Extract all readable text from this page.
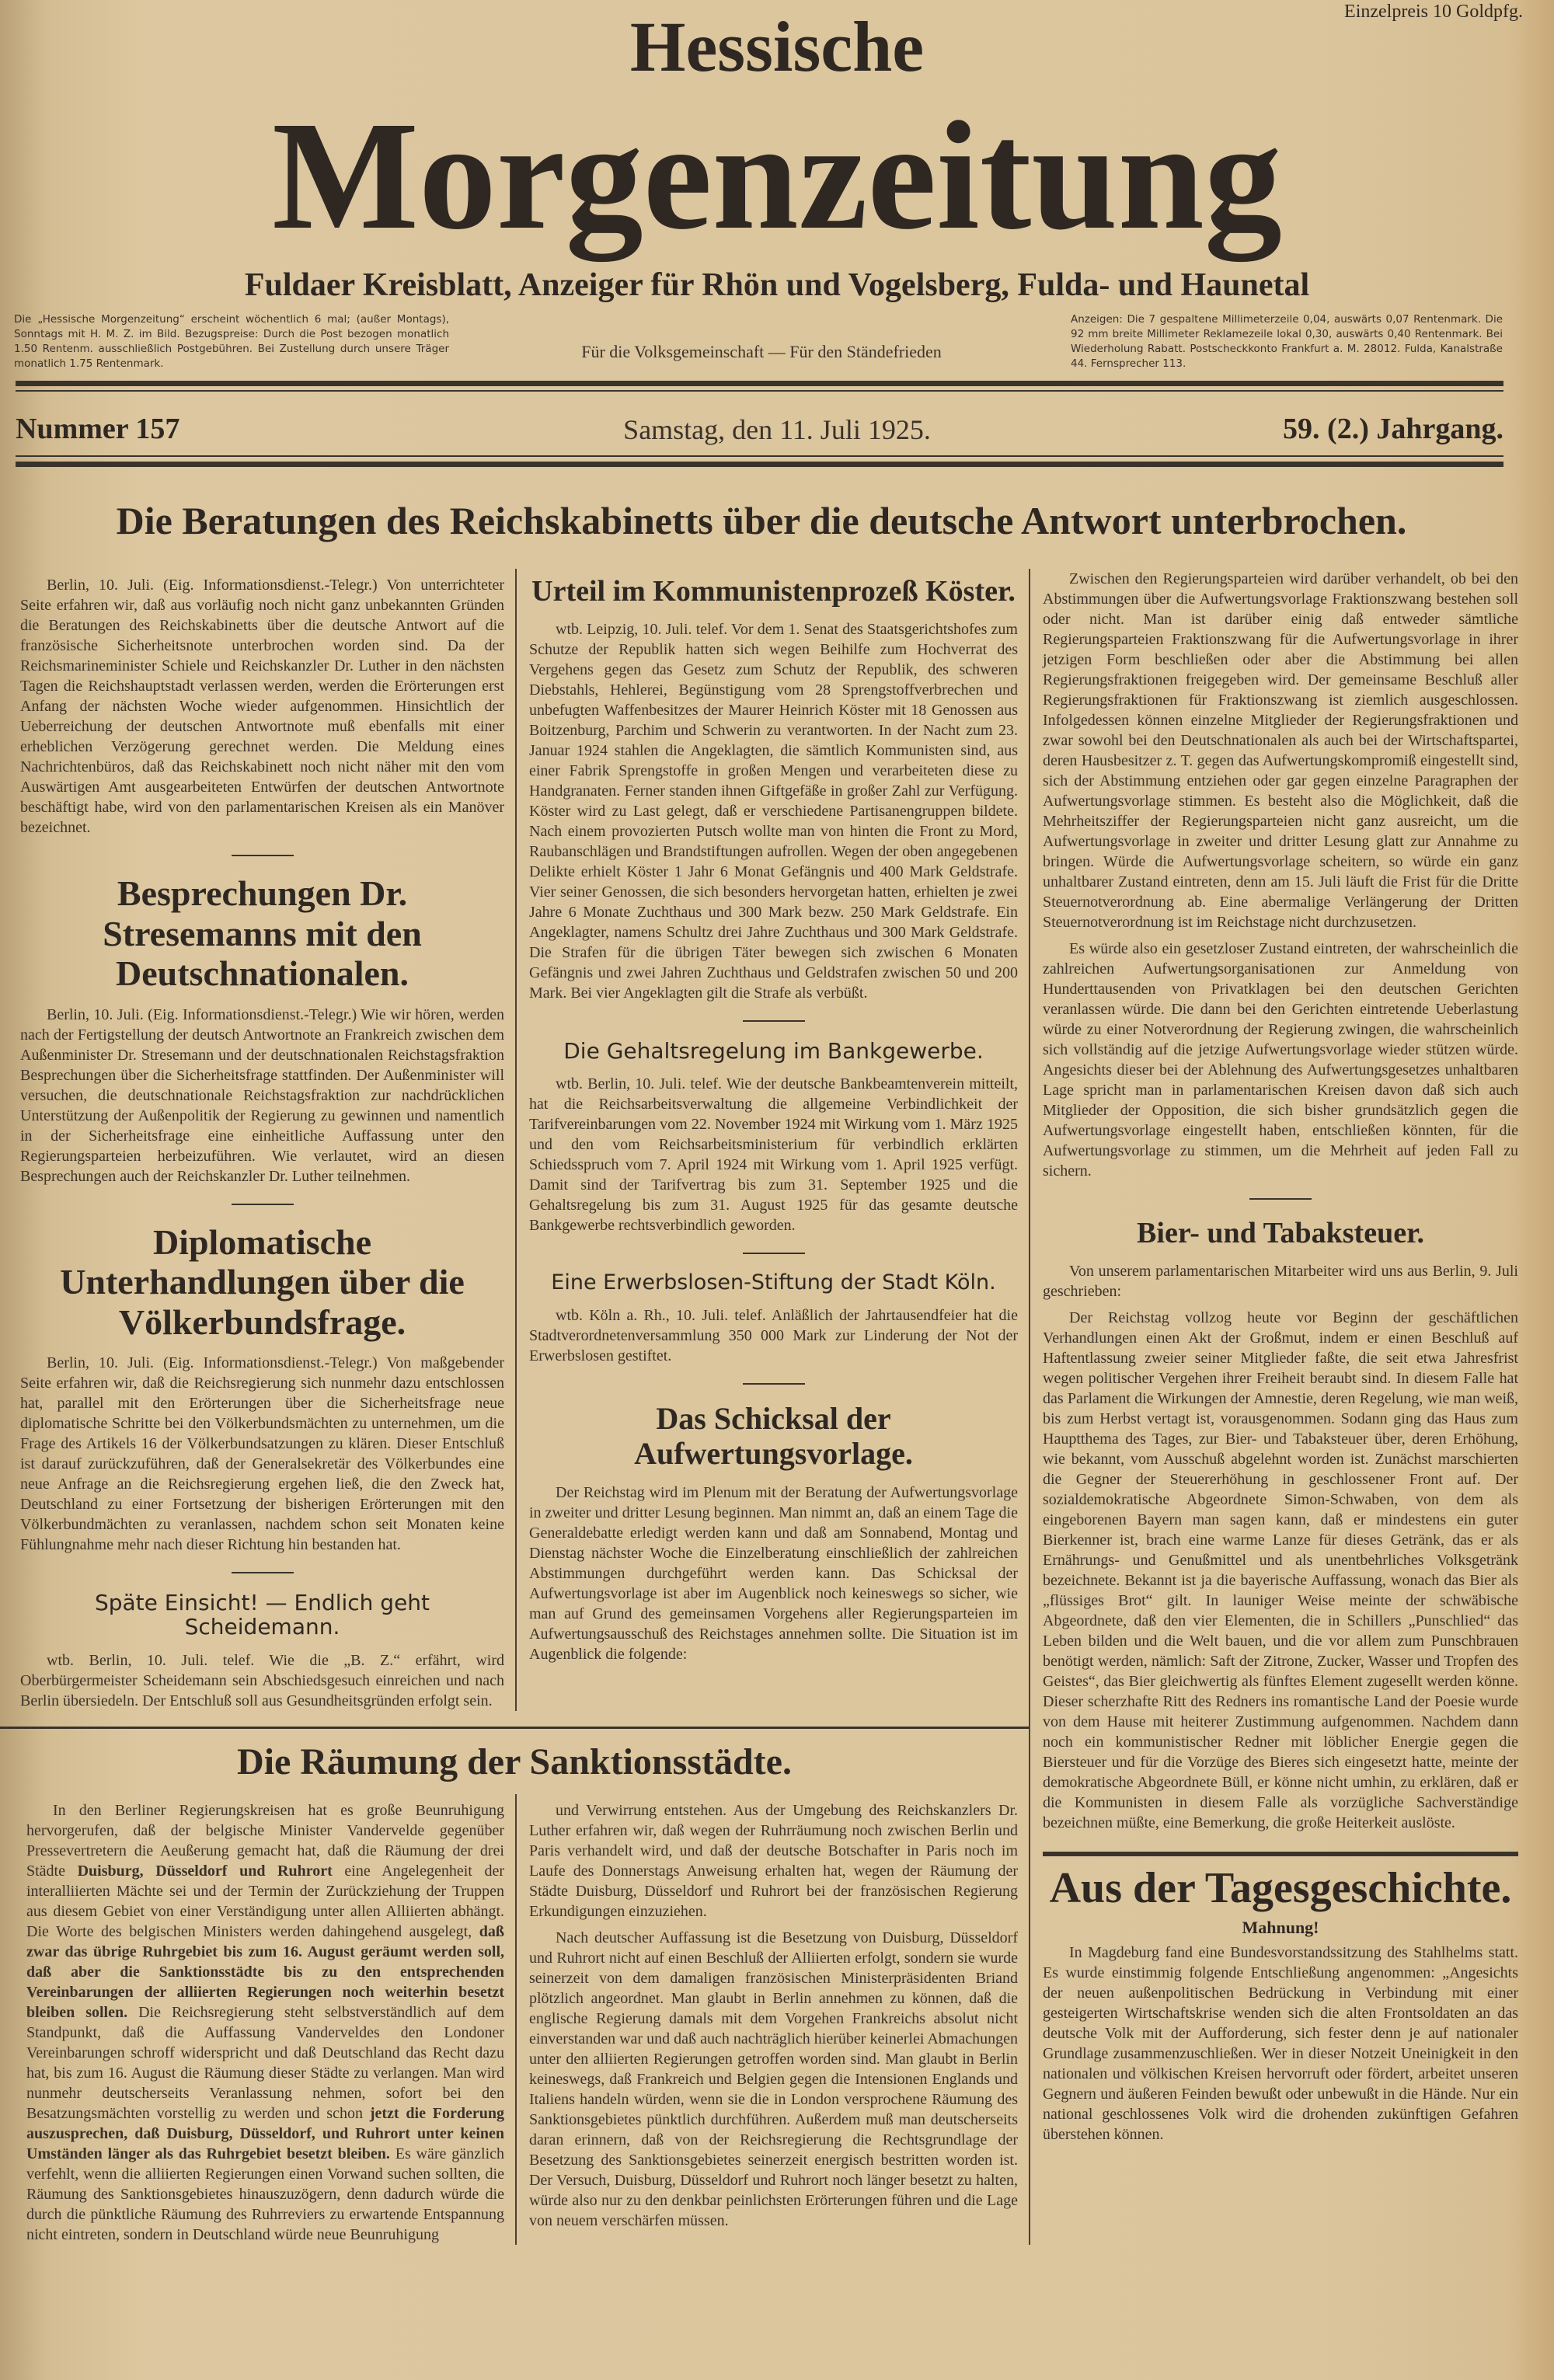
Einzelpreis 10 Goldpfg.
Hessische
Morgenzeitung
Fuldaer Kreisblatt, Anzeiger für Rhön und Vogelsberg, Fulda- und Haunetal
Die „Hessische Morgenzeitung“ erscheint wöchentlich 6 mal; (außer Montags), Sonntags mit H. M. Z. im Bild. Bezugspreise: Durch die Post bezogen monatlich 1.50 Rentenm. ausschließlich Postgebühren. Bei Zustellung durch unsere Träger monatlich 1.75 Rentenmark.
Für die Volksgemeinschaft — Für den Ständefrieden
Anzeigen: Die 7 gespaltene Millimeterzeile 0,04, auswärts 0,07 Rentenmark. Die 92 mm breite Millimeter Reklamezeile lokal 0,30, auswärts 0,40 Rentenmark. Bei Wiederholung Rabatt. Postscheckkonto Frankfurt a. M. 28012. Fulda, Kanalstraße 44. Fernsprecher 113.
Nummer 157	Samstag, den 11. Juli 1925.	59. (2.) Jahrgang.
Die Beratungen des Reichskabinetts über die deutsche Antwort unterbrochen.

Berlin, 10. Juli. (Eig. Informationsdienst.-Telegr.) Von unterrichteter Seite erfahren wir, daß aus vorläufig noch nicht ganz unbekannten Gründen die Beratungen des Reichskabinetts über die deutsche Antwort auf die französische Sicherheitsnote unterbrochen worden sind. Da der Reichsmarineminister Schiele und Reichskanzler Dr. Luther in den nächsten Tagen die Reichshauptstadt verlassen werden, werden die Erörterungen erst Anfang der nächsten Woche wieder aufgenommen. Hinsichtlich der Ueberreichung der deutschen Antwortnote muß ebenfalls mit einer erheblichen Verzögerung gerechnet werden. Die Meldung eines Nachrichtenbüros, daß das Reichskabinett noch nicht näher mit den vom Auswärtigen Amt ausgearbeiteten Entwürfen der deutschen Antwortnote beschäftigt habe, wird von den parlamentarischen Kreisen als ein Manöver bezeichnet.

Besprechungen Dr. Stresemanns mit den Deutschnationalen.

Berlin, 10. Juli. (Eig. Informationsdienst.-Telegr.) Wie wir hören, werden nach der Fertigstellung der deutsch Antwortnote an Frankreich zwischen dem Außenminister Dr. Stresemann und der deutschnationalen Reichstagsfraktion Besprechungen über die Sicherheitsfrage stattfinden. Der Außenminister will versuchen, die deutschnationale Reichstagsfraktion zur nachdrücklichen Unterstützung der Außenpolitik der Regierung zu gewinnen und namentlich in der Sicherheitsfrage eine einheitliche Auffassung unter den Regierungsparteien herbeizuführen. Wie verlautet, wird an diesen Besprechungen auch der Reichskanzler Dr. Luther teilnehmen.

Diplomatische Unterhandlungen über die Völkerbundsfrage.

Berlin, 10. Juli. (Eig. Informationsdienst.-Telegr.) Von maßgebender Seite erfahren wir, daß die Reichsregierung sich nunmehr dazu entschlossen hat, parallel mit den Erörterungen über die Sicherheitsfrage neue diplomatische Schritte bei den Völkerbundsmächten zu unternehmen, um die Frage des Artikels 16 der Völkerbundsatzungen zu klären. Dieser Entschluß ist darauf zurückzuführen, daß der Generalsekretär des Völkerbundes eine neue Anfrage an die Reichsregierung ergehen ließ, die den Zweck hat, Deutschland zu einer Fortsetzung der bisherigen Erörterungen mit den Völkerbundmächten zu veranlassen, nachdem schon seit Monaten keine Fühlungnahme mehr nach dieser Richtung hin bestanden hat.

Späte Einsicht! — Endlich geht Scheidemann.

wtb. Berlin, 10. Juli. telef. Wie die „B. Z.“ erfährt, wird Oberbürgermeister Scheidemann sein Abschiedsgesuch einreichen und nach Berlin übersiedeln. Der Entschluß soll aus Gesundheitsgründen erfolgt sein.

Urteil im Kommunistenprozeß Köster.

wtb. Leipzig, 10. Juli. telef. Vor dem 1. Senat des Staatsgerichtshofes zum Schutze der Republik hatten sich wegen Beihilfe zum Hochverrat des Vergehens gegen das Gesetz zum Schutz der Republik, des schweren Diebstahls, Hehlerei, Begünstigung vom 28 Sprengstoffverbrechen und unbefugten Waffenbesitzes der Maurer Heinrich Köster mit 18 Genossen aus Boitzenburg, Parchim und Schwerin zu verantworten. In der Nacht zum 23. Januar 1924 stahlen die Angeklagten, die sämtlich Kommunisten sind, aus einer Fabrik Sprengstoffe in großen Mengen und verarbeiteten diese zu Handgranaten. Ferner standen ihnen Giftgefäße in großer Zahl zur Verfügung. Köster wird zu Last gelegt, daß er verschiedene Partisanengruppen bildete. Nach einem provozierten Putsch wollte man von hinten die Front zu Mord, Raubanschlägen und Brandstiftungen aufrollen. Wegen der oben angegebenen Delikte erhielt Köster 1 Jahr 6 Monat Gefängnis und 400 Mark Geldstrafe. Vier seiner Genossen, die sich besonders hervorgetan hatten, erhielten je zwei Jahre 6 Monate Zuchthaus und 300 Mark bezw. 250 Mark Geldstrafe. Ein Angeklagter, namens Schultz drei Jahre Zuchthaus und 300 Mark Geldstrafe. Die Strafen für die übrigen Täter bewegen sich zwischen 6 Monaten Gefängnis und zwei Jahren Zuchthaus und Geldstrafen zwischen 50 und 200 Mark. Bei vier Angeklagten gilt die Strafe als verbüßt.

Die Gehaltsregelung im Bankgewerbe.

wtb. Berlin, 10. Juli. telef. Wie der deutsche Bankbeamtenverein mitteilt, hat die Reichsarbeitsverwaltung die allgemeine Verbindlichkeit der Tarifvereinbarungen vom 22. November 1924 mit Wirkung vom 1. März 1925 und den vom Reichsarbeitsministerium für verbindlich erklärten Schiedsspruch vom 7. April 1924 mit Wirkung vom 1. April 1925 verfügt. Damit sind der Tarifvertrag bis zum 31. September 1925 und die Gehaltsregelung bis zum 31. August 1925 für das gesamte deutsche Bankgewerbe rechtsverbindlich geworden.

Eine Erwerbslosen-Stiftung der Stadt Köln.

wtb. Köln a. Rh., 10. Juli. telef. Anläßlich der Jahrtausendfeier hat die Stadtverordnetenversammlung 350 000 Mark zur Linderung der Not der Erwerbslosen gestiftet.

Das Schicksal der Aufwertungsvorlage.

Der Reichstag wird im Plenum mit der Beratung der Aufwertungsvorlage in zweiter und dritter Lesung beginnen. Man nimmt an, daß an einem Tage die Generaldebatte erledigt werden kann und daß am Sonnabend, Montag und Dienstag nächster Woche die Einzelberatung einschließlich der zahlreichen Abstimmungen durchgeführt werden kann. Das Schicksal der Aufwertungsvorlage ist aber im Augenblick noch keineswegs so sicher, wie man auf Grund des gemeinsamen Vorgehens aller Regierungsparteien im Aufwertungsausschuß des Reichstages annehmen sollte. Die Situation ist im Augenblick die folgende:

Die Räumung der Sanktionsstädte.

In den Berliner Regierungskreisen hat es große Beunruhigung hervorgerufen, daß der belgische Minister Vandervelde gegenüber Pressevertretern die Aeußerung gemacht hat, daß die Räumung der drei Städte Duisburg, Düsseldorf und Ruhrort eine Angelegenheit der interalliierten Mächte sei und der Termin der Zurückziehung der Truppen aus diesem Gebiet von einer Verständigung unter allen Alliierten abhängt. Die Worte des belgischen Ministers werden dahingehend ausgelegt, daß zwar das übrige Ruhrgebiet bis zum 16. August geräumt werden soll, daß aber die Sanktionsstädte bis zu den entsprechenden Vereinbarungen der alliierten Regierungen noch weiterhin besetzt bleiben sollen. Die Reichsregierung steht selbstverständlich auf dem Standpunkt, daß die Auffassung Vanderveldes den Londoner Vereinbarungen schroff widerspricht und daß Deutschland das Recht dazu hat, bis zum 16. August die Räumung dieser Städte zu verlangen. Man wird nunmehr deutscherseits Veranlassung nehmen, sofort bei den Besatzungsmächten vorstellig zu werden und schon jetzt die Forderung auszusprechen, daß Duisburg, Düsseldorf, und Ruhrort unter keinen Umständen länger als das Ruhrgebiet besetzt bleiben. Es wäre gänzlich verfehlt, wenn die alliierten Regierungen einen Vorwand suchen sollten, die Räumung des Sanktionsgebietes hinauszuzögern, denn dadurch würde die durch die pünktliche Räumung des Ruhrreviers zu erwartende Entspannung nicht eintreten, sondern in Deutschland würde neue Beunruhigung

und Verwirrung entstehen. Aus der Umgebung des Reichskanzlers Dr. Luther erfahren wir, daß wegen der Ruhrräumung noch zwischen Berlin und Paris verhandelt wird, und daß der deutsche Botschafter in Paris noch im Laufe des Donnerstags Anweisung erhalten hat, wegen der Räumung der Städte Duisburg, Düsseldorf und Ruhrort bei der französischen Regierung Erkundigungen einzuziehen.

Nach deutscher Auffassung ist die Besetzung von Duisburg, Düsseldorf und Ruhrort nicht auf einen Beschluß der Alliierten erfolgt, sondern sie wurde seinerzeit von dem damaligen französischen Ministerpräsidenten Briand plötzlich angeordnet. Man glaubt in Berlin annehmen zu können, daß die englische Regierung damals mit dem Vorgehen Frankreichs absolut nicht einverstanden war und daß auch nachträglich hierüber keinerlei Abmachungen unter den alliierten Regierungen getroffen worden sind. Man glaubt in Berlin keineswegs, daß Frankreich und Belgien gegen die Intensionen Englands und Italiens handeln würden, wenn sie die in London versprochene Räumung des Sanktionsgebietes pünktlich durchführen. Außerdem muß man deutscherseits daran erinnern, daß von der Reichsregierung die Rechtsgrundlage der Besetzung des Sanktionsgebietes seinerzeit energisch bestritten worden ist. Der Versuch, Duisburg, Düsseldorf und Ruhrort noch länger besetzt zu halten, würde also nur zu den denkbar peinlichsten Erörterungen führen und die Lage von neuem verschärfen müssen.

Zwischen den Regierungsparteien wird darüber verhandelt, ob bei den Abstimmungen über die Aufwertungsvorlage Fraktionszwang bestehen soll oder nicht. Man ist darüber einig daß entweder sämtliche Regierungsparteien Fraktionszwang für die Aufwertungsvorlage in ihrer jetzigen Form beschließen oder aber die Abstimmung bei allen Regierungsfraktionen freigegeben wird. Der gemeinsame Beschluß aller Regierungsfraktionen für Fraktionszwang ist ziemlich ausgeschlossen. Infolgedessen können einzelne Mitglieder der Regierungsfraktionen und zwar sowohl bei den Deutschnationalen als auch bei der Wirtschaftspartei, deren Hausbesitzer z. T. gegen das Aufwertungskompromiß eingestellt sind, sich der Abstimmung entziehen oder gar gegen einzelne Paragraphen der Aufwertungsvorlage stimmen. Es besteht also die Möglichkeit, daß die Mehrheitsziffer der Regierungsparteien nicht ganz ausreicht, um die Aufwertungsvorlage in zweiter und dritter Lesung glatt zur Annahme zu bringen. Würde die Aufwertungsvorlage scheitern, so würde ein ganz unhaltbarer Zustand eintreten, denn am 15. Juli läuft die Frist für die Dritte Steuernotverordnung ab. Eine abermalige Verlängerung der Dritten Steuernotverordnung ist im Reichstage nicht durchzusetzen.

Es würde also ein gesetzloser Zustand eintreten, der wahrscheinlich die zahlreichen Aufwertungsorganisationen zur Anmeldung von Hunderttausenden von Privatklagen bei den deutschen Gerichten veranlassen würde. Die dann bei den Gerichten eintretende Ueberlastung würde zu einer Notverordnung der Regierung zwingen, die wahrscheinlich sich vollständig auf die jetzige Aufwertungsvorlage wieder stützen würde. Angesichts dieser bei der Ablehnung des Aufwertungsgesetzes unhaltbaren Lage spricht man in parlamentarischen Kreisen davon daß sich auch Mitglieder der Opposition, die sich bisher grundsätzlich gegen die Aufwertungsvorlage eingestellt haben, entschließen könnten, für die Aufwertungsvorlage zu stimmen, um die Mehrheit auf jeden Fall zu sichern.

Bier- und Tabaksteuer.

Von unserem parlamentarischen Mitarbeiter wird uns aus Berlin, 9. Juli geschrieben:

Der Reichstag vollzog heute vor Beginn der geschäftlichen Verhandlungen einen Akt der Großmut, indem er einen Beschluß auf Haftentlassung zweier seiner Mitglieder faßte, die seit etwa Jahresfrist wegen politischer Vergehen ihrer Freiheit beraubt sind. In diesem Falle hat das Parlament die Wirkungen der Amnestie, deren Regelung, wie man weiß, bis zum Herbst vertagt ist, vorausgenommen. Sodann ging das Haus zum Hauptthema des Tages, zur Bier- und Tabaksteuer über, deren Erhöhung, wie bekannt, vom Ausschuß abgelehnt worden ist. Zunächst marschierten die Gegner der Steuererhöhung in geschlossener Front auf. Der sozialdemokratische Abgeordnete Simon-Schwaben, von dem als eingeborenen Bayern man sagen kann, daß er mindestens ein guter Bierkenner ist, brach eine warme Lanze für dieses Getränk, das er als Ernährungs- und Genußmittel und als unentbehrliches Volksgetränk bezeichnete. Bekannt ist ja die bayerische Auffassung, wonach das Bier als „flüssiges Brot“ gilt. In launiger Weise meinte der schwäbische Abgeordnete, daß den vier Elementen, die in Schillers „Punschlied“ das Leben bilden und die Welt bauen, und die vor allem zum Punschbrauen benötigt werden, nämlich: Saft der Zitrone, Zucker, Wasser und Tropfen des Geistes“, das Bier gleichwertig als fünftes Element zugesellt werden könne. Dieser scherzhafte Ritt des Redners ins romantische Land der Poesie wurde von dem Hause mit heiterer Zustimmung aufgenommen. Nachdem dann noch ein kommunistischer Redner mit löblicher Energie gegen die Biersteuer und für die Vorzüge des Bieres sich eingesetzt hatte, meinte der demokratische Abgeordnete Büll, er könne nicht umhin, zu erklären, daß er die Kommunisten in diesem Falle als vorzügliche Sachverständige bezeichnen müßte, eine Bemerkung, die große Heiterkeit auslöste.

Aus der Tagesgeschichte.
Mahnung!

In Magdeburg fand eine Bundesvorstandssitzung des Stahlhelms statt. Es wurde einstimmig folgende Entschließung angenommen: „Angesichts der neuen außenpolitischen Bedrückung in Verbindung mit einer gesteigerten Wirtschaftskrise wenden sich die alten Frontsoldaten an das deutsche Volk mit der Aufforderung, sich fester denn je auf nationaler Grundlage zusammenzuschließen. Wer in dieser Notzeit Uneinigkeit in den nationalen und völkischen Kreisen hervorruft oder fördert, arbeitet unseren Gegnern und äußeren Feinden bewußt oder unbewußt in die Hände. Nur ein national geschlossenes Volk wird die drohenden zukünftigen Gefahren überstehen können.
